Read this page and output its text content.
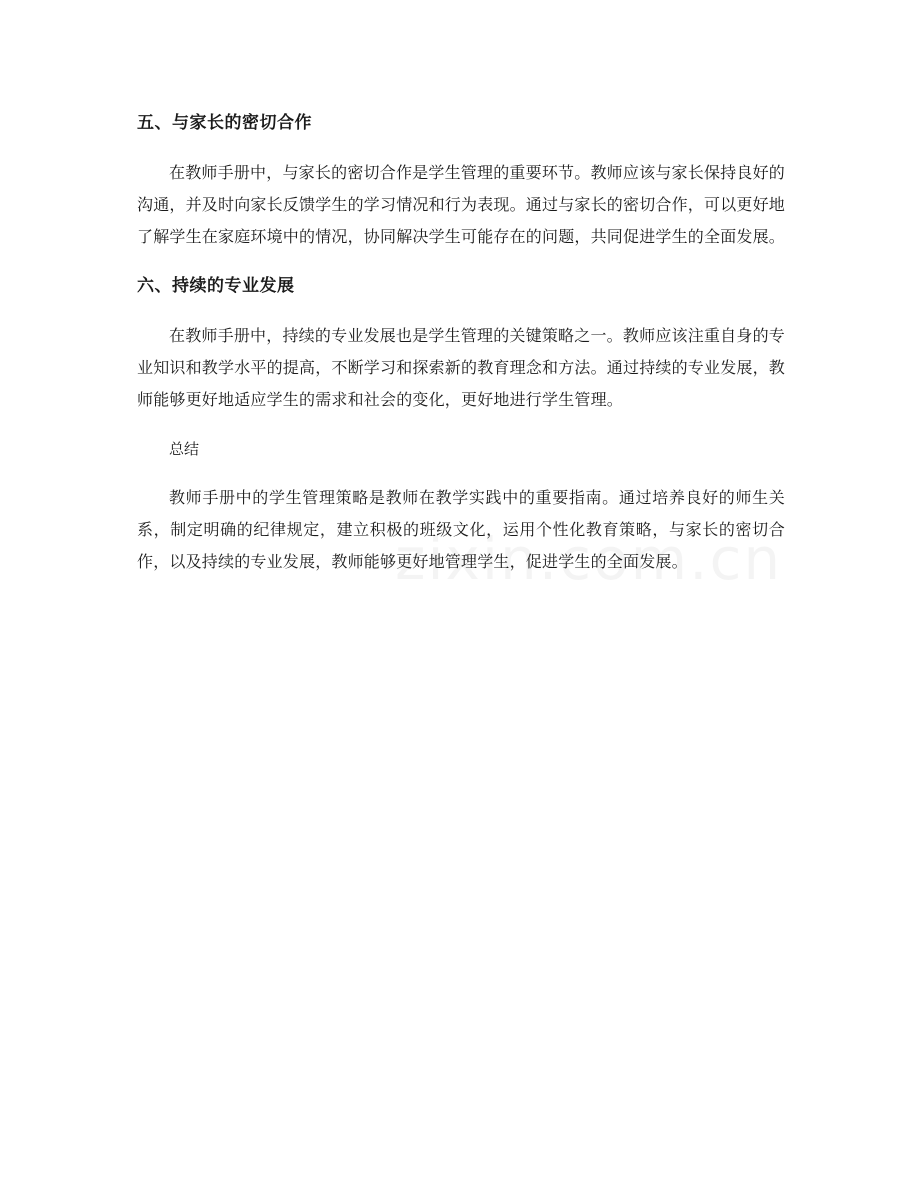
五、与家长的密切合作

在教师手册中，与家长的密切合作是学生管理的重要环节。教师应该与家长保持良好的沟通，并及时向家长反馈学生的学习情况和行为表现。通过与家长的密切合作，可以更好地了解学生在家庭环境中的情况，协同解决学生可能存在的问题，共同促进学生的全面发展。

六、持续的专业发展

在教师手册中，持续的专业发展也是学生管理的关键策略之一。教师应该注重自身的专业知识和教学水平的提高，不断学习和探索新的教育理念和方法。通过持续的专业发展，教师能够更好地适应学生的需求和社会的变化，更好地进行学生管理。

总结

教师手册中的学生管理策略是教师在教学实践中的重要指南。通过培养良好的师生关系，制定明确的纪律规定，建立积极的班级文化，运用个性化教育策略，与家长的密切合作，以及持续的专业发展，教师能够更好地管理学生，促进学生的全面发展。
